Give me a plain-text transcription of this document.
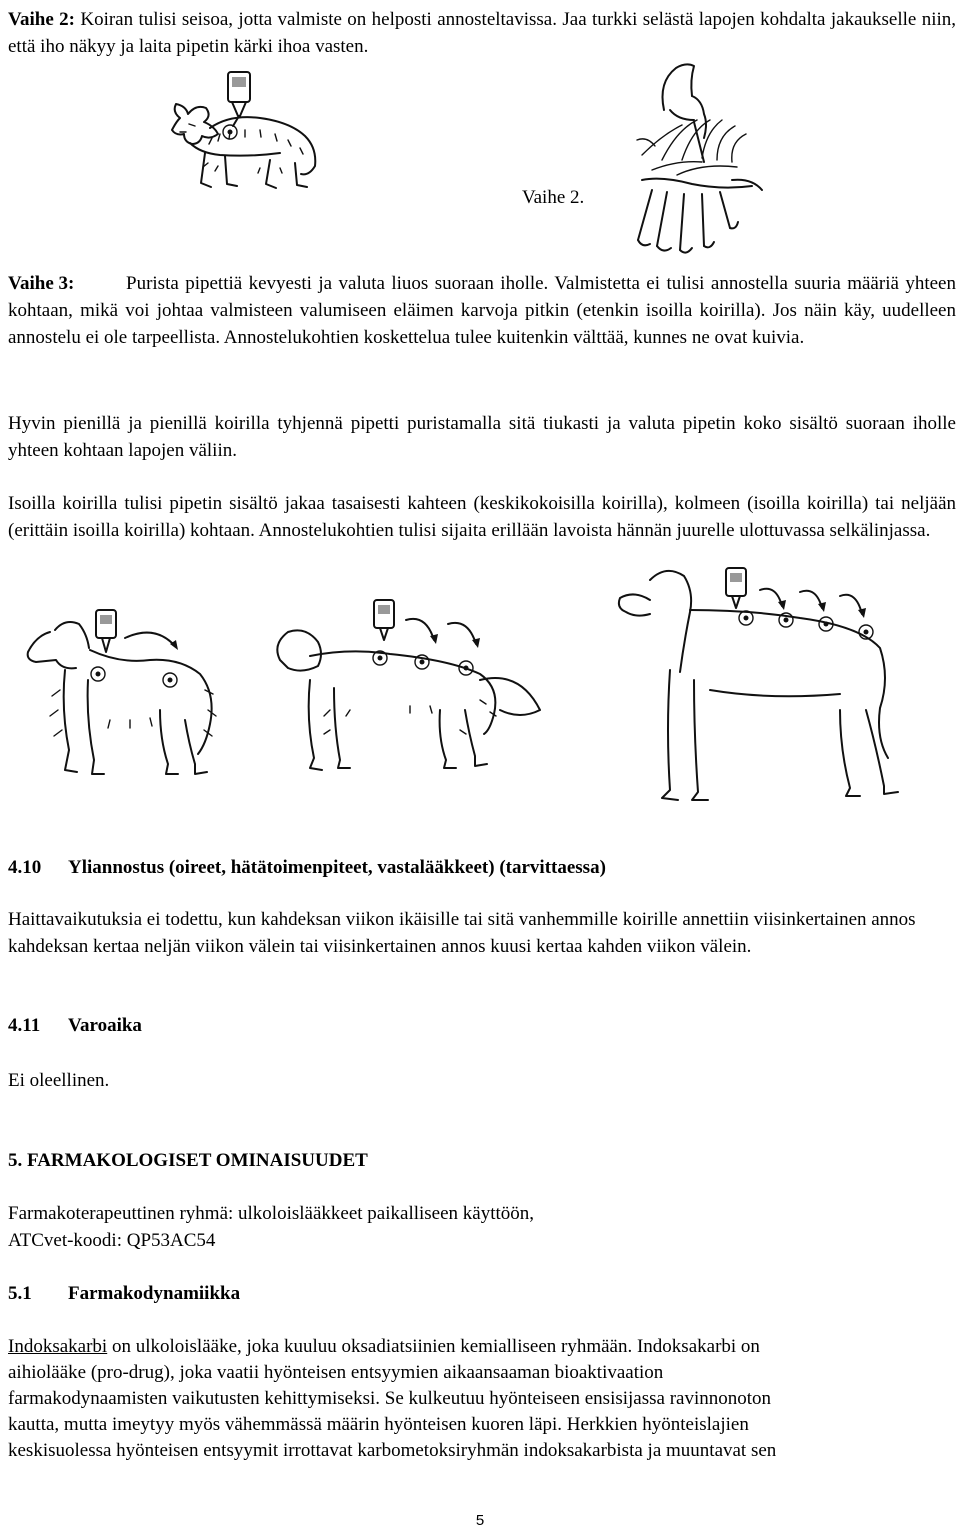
Vaihe 2: Koiran tulisi seisoa, jotta valmiste on helposti annosteltavissa. Jaa turkki selästä lapojen kohdalta jakaukselle niin, että iho näkyy ja laita pipetin kärki ihoa vasten.

Vaihe 2.

Vaihe 3:	Purista pipettiä kevyesti ja valuta liuos suoraan iholle. Valmistetta ei tulisi annostella suuria määriä yhteen kohtaan, mikä voi johtaa valmisteen valumiseen eläimen karvoja pitkin (etenkin isoilla koirilla). Jos näin käy, uudelleen annostelu ei ole tarpeellista. Annostelukohtien koskettelua tulee kuitenkin välttää, kunnes ne ovat kuivia.

Hyvin pienillä ja pienillä koirilla tyhjennä pipetti puristamalla sitä tiukasti ja valuta pipetin koko sisältö suoraan iholle yhteen kohtaan lapojen väliin.

Isoilla koirilla tulisi pipetin sisältö jakaa tasaisesti kahteen (keskikokoisilla koirilla), kolmeen (isoilla koirilla) tai neljään (erittäin isoilla koirilla) kohtaan. Annostelukohtien tulisi sijaita erillään lavoista hännän juurelle ulottuvassa selkälinjassa.

4.10 Yliannostus (oireet, hätätoimenpiteet, vastalääkkeet) (tarvittaessa)

Haittavaikutuksia ei todettu, kun kahdeksan viikon ikäisille tai sitä vanhemmille koirille annettiin viisinkertainen annos kahdeksan kertaa neljän viikon välein tai viisinkertainen annos kuusi kertaa kahden viikon välein.

4.11 Varoaika

Ei oleellinen.

5. FARMAKOLOGISET OMINAISUUDET

Farmakoterapeuttinen ryhmä: ulkoloislääkkeet paikalliseen käyttöön,
ATCvet-koodi: QP53AC54

5.1 Farmakodynamiikka

Indoksakarbi on ulkoloislääke, joka kuuluu oksadiatsiinien kemialliseen ryhmään. Indoksakarbi on
aihiolääke (pro-drug), joka vaatii hyönteisen entsyymien aikaansaaman bioaktivaation
farmakodynaamisten vaikutusten kehittymiseksi. Se kulkeutuu hyönteiseen ensisijassa ravinnonoton
kautta, mutta imeytyy myös vähemmässä määrin hyönteisen kuoren läpi. Herkkien hyönteislajien
keskisuolessa hyönteisen entsyymit irrottavat karbometoksiryhmän indoksakarbista ja muuntavat sen

5
